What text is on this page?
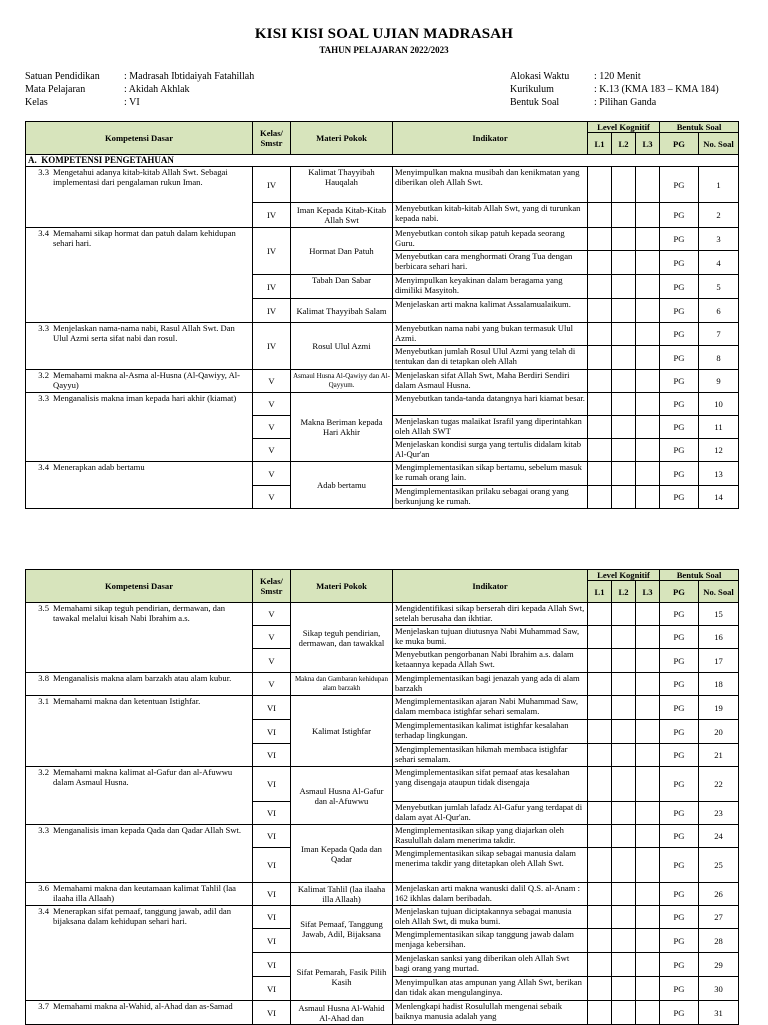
KISI KISI SOAL UJIAN MADRASAH
TAHUN PELAJARAN 2022/2023
Satuan Pendidikan	: Madrasah Ibtidaiyah Fatahillah
Mata Pelajaran	: Akidah Akhlak
Kelas	: VI
Alokasi Waktu	: 120 Menit
Kurikulum	: K.13 (KMA 183 – KMA 184)
Bentuk Soal	: Pilihan Ganda
Kompetensi Dasar	Kelas/ Smstr	Materi Pokok	Indikator	Level Kognitif			Bentuk Soal	
				L1	L2	L3	PG	No. Soal
A. KOMPETENSI PENGETAHUAN								

3.3 Mengetahui adanya kitab-kitab Allah Swt. Sebagai implementasi dari pengalaman rukun Iman.	IV	Kalimat Thayyibah Hauqalah	Menyimpulkan makna musibah dan kenikmatan yang diberikan oleh Allah Swt.				PG	1
	IV	Iman Kepada Kitab-Kitab Allah Swt	Menyebutkan kitab-kitab Allah Swt, yang di turunkan kepada nabi.				PG	2

3.4 Memahami sikap hormat dan patuh dalam kehidupan sehari hari.	IV	Hormat Dan Patuh	Menyebutkan contoh sikap patuh kepada seorang Guru.				PG	3
			Menyebutkan cara menghormati Orang Tua dengan berbicara sehari hari.				PG	4
	IV	Tabah Dan Sabar	Menyimpulkan keyakinan dalam beragama yang dimiliki Masyitoh.				PG	5
	IV	Kalimat Thayyibah Salam	Menjelaskan arti makna kalimat Assalamualaikum.				PG	6

3.3 Menjelaskan nama-nama nabi, Rasul Allah Swt. Dan Ulul Azmi serta sifat nabi dan rosul.	IV	Rosul Ulul Azmi	Menyebutkan nama nabi yang bukan termasuk Ulul Azmi.				PG	7
			Menyebutkan jumlah Rosul Ulul Azmi yang telah di tentukan dan di tetapkan oleh Allah				PG	8

3.2 Memahami makna al-Asma al-Husna (Al-Qawiyy, Al-Qayyu)	V	Asmaul Husna Al-Qawiyy dan Al-Qayyum.	Menjelaskan sifat Allah Swt, Maha Berdiri Sendiri dalam Asmaul Husna.				PG	9

3.3 Menganalisis makna iman kepada hari akhir (kiamat)	V	Makna Beriman kepada Hari Akhir	Menyebutkan tanda-tanda datangnya hari kiamat besar.				PG	10
	V		Menjelaskan tugas malaikat Israfil yang diperintahkan oleh Allah SWT				PG	11
	V		Menjelaskan kondisi surga yang tertulis didalam kitab Al-Qur'an				PG	12

3.4 Menerapkan adab bertamu	V	Adab bertamu	Mengimplementasikan sikap bertamu, sebelum masuk ke rumah orang lain.				PG	13
	V		Mengimplementasikan prilaku sebagai orang yang berkunjung ke rumah.				PG	14
Kompetensi Dasar	Kelas/ Smstr	Materi Pokok	Indikator	Level Kognitif			Bentuk Soal	
				L1	L2	L3	PG	No. Soal

3.5 Memahami sikap teguh pendirian, dermawan, dan tawakal melalui kisah Nabi Ibrahim a.s.	V	Sikap teguh pendirian, dermawan, dan tawakkal	Mengidentifikasi sikap berserah diri kepada Allah Swt, setelah berusaha dan ikhtiar.				PG	15
	V		Menjelaskan tujuan diutusnya Nabi Muhammad Saw, ke muka bumi.				PG	16
	V		Menyebutkan pengorbanan Nabi Ibrahim a.s. dalam ketaannya kepada Allah Swt.				PG	17

3.8 Menganalisis makna alam barzakh atau alam kubur.	V	Makna dan Gambaran kehidupan alam barzakh	Mengimplementasikan bagi jenazah yang ada di alam barzakh				PG	18

3.1 Memahami makna dan ketentuan Istighfar.	VI	Kalimat Istighfar	Mengimplementasikan ajaran Nabi Muhammad Saw, dalam membaca istighfar sehari semalam.				PG	19
	VI		Mengimplementasikan kalimat istighfar kesalahan terhadap lingkungan.				PG	20
	VI		Mengimplementasikan hikmah membaca istighfar sehari semalam.				PG	21

3.2 Memahami makna kalimat al-Gafur dan al-Afuwwu dalam Asmaul Husna.	VI	Asmaul Husna Al-Gafur dan al-Afuwwu	Mengimplementasikan sifat pemaaf atas kesalahan yang disengaja ataupun tidak disengaja				PG	22
	VI		Menyebutkan jumlah lafadz Al-Gafur yang terdapat di dalam ayat Al-Qur'an.				PG	23

3.3 Menganalisis iman kepada Qada dan Qadar Allah Swt.	VI	Iman Kepada Qada dan Qadar	Mengimplementasikan sikap yang diajarkan oleh Rasulullah dalam menerima takdir.				PG	24
	VI		Mengimplementasikan sikap sebagai manusia dalam menerima takdir yang ditetapkan oleh Allah Swt.				PG	25

3.6 Memahami makna dan keutamaan kalimat Tahlil (laa ilaaha illa Allaah)	VI	Kalimat Tahlil (laa ilaaha illa Allaah)	Menjelaskan arti makna wanuski dalil Q.S. al-Anam : 162 ikhlas dalam beribadah.				PG	26

3.4 Menerapkan sifat pemaaf, tanggung jawab, adil dan bijaksana dalam kehidupan sehari hari.	VI	Sifat Pemaaf, Tanggung Jawab, Adil, Bijaksana	Menjelaskan tujuan diciptakannya sebagai manusia oleh Allah Swt, di muka bumi.				PG	27
	VI		Mengimplementasikan sikap tanggung jawab dalam menjaga kebersihan.				PG	28
	VI	Sifat Pemarah, Fasik Pilih Kasih	Menjelaskan sanksi yang diberikan oleh Allah Swt bagi orang yang murtad.				PG	29
	VI		Menyimpulkan atas ampunan yang Allah Swt, berikan dan tidak akan mengulanginya.				PG	30

3.7 Memahami makna al-Wahid, al-Ahad dan as-Samad	VI	Asmaul Husna Al-Wahid Al-Ahad dan	Menlengkapi hadist Rosulullah mengenai sebaik baiknya manusia adalah yang				PG	31
